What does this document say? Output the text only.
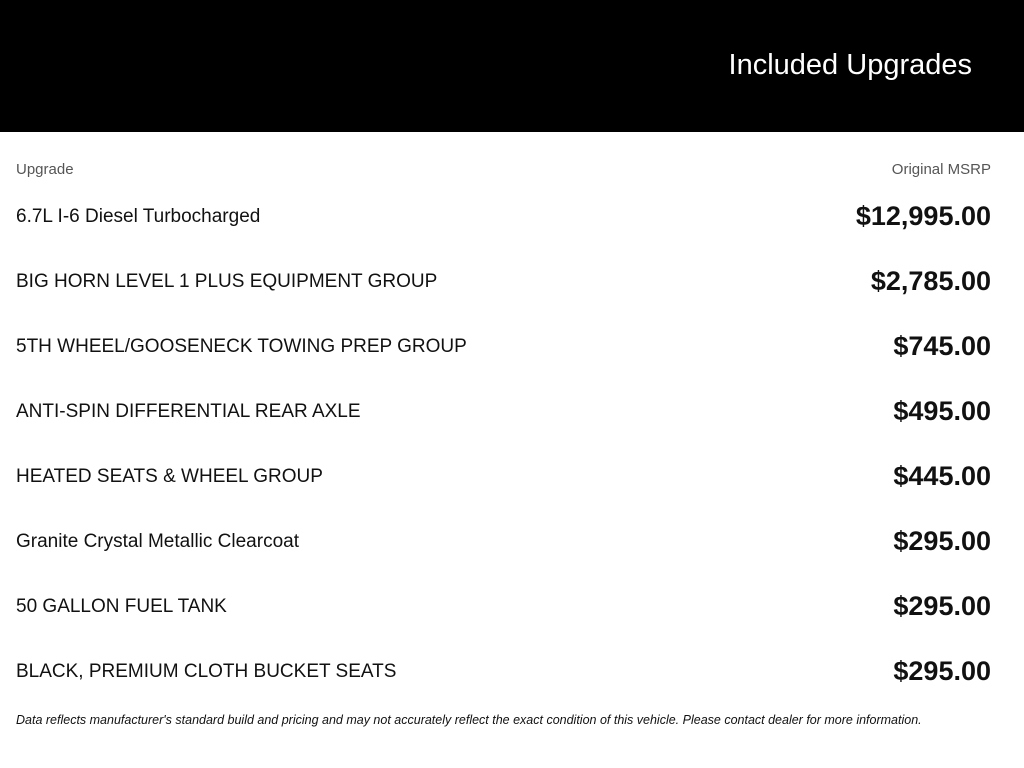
Included Upgrades
Upgrade	Original MSRP
6.7L I-6 Diesel Turbocharged	$12,995.00
BIG HORN LEVEL 1 PLUS EQUIPMENT GROUP	$2,785.00
5TH WHEEL/GOOSENECK TOWING PREP GROUP	$745.00
ANTI-SPIN DIFFERENTIAL REAR AXLE	$495.00
HEATED SEATS & WHEEL GROUP	$445.00
Granite Crystal Metallic Clearcoat	$295.00
50 GALLON FUEL TANK	$295.00
BLACK, PREMIUM CLOTH BUCKET SEATS	$295.00
Data reflects manufacturer's standard build and pricing and may not accurately reflect the exact condition of this vehicle. Please contact dealer for more information.
